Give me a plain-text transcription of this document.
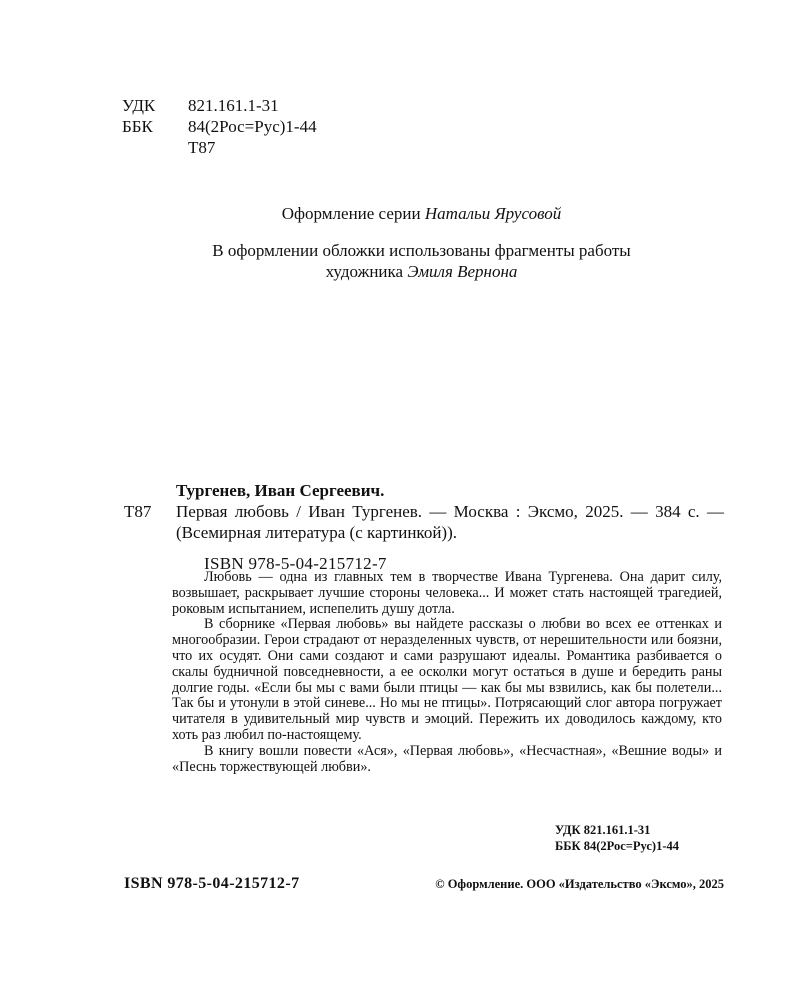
УДК	821.161.1-31
ББК	84(2Рос=Рус)1-44
Т87
Оформление серии Натальи Ярусовой
В оформлении обложки использованы фрагменты работы
художника Эмиля Вернона
Тургенев, Иван Сергеевич.
Т87	Первая любовь / Иван Тургенев. — Москва : Эксмо, 2025. — 384 с. — (Всемирная литература (с картинкой)).
ISBN 978-5-04-215712-7

Любовь — одна из главных тем в творчестве Ивана Тургенева. Она дарит силу, возвышает, раскрывает лучшие стороны человека... И может стать настоящей трагедией, роковым испытанием, испепелить душу дотла.

В сборнике «Первая любовь» вы найдете рассказы о любви во всех ее оттенках и многообразии. Герои страдают от неразделенных чувств, от нерешительности или боязни, что их осудят. Они сами создают и сами разрушают идеалы. Романтика разбивается о скалы будничной повседневности, а ее осколки могут остаться в душе и бередить раны долгие годы. «Если бы мы с вами были птицы — как бы мы взвились, как бы полетели... Так бы и утонули в этой синеве... Но мы не птицы». Потрясающий слог автора погружает читателя в удивительный мир чувств и эмоций. Пережить их доводилось каждому, кто хоть раз любил по-настоящему.

В книгу вошли повести «Ася», «Первая любовь», «Несчастная», «Вешние воды» и «Песнь торжествующей любви».

УДК 821.161.1-31
ББК 84(2Рос=Рус)1-44
ISBN 978-5-04-215712-7	© Оформление. ООО «Издательство «Эксмо», 2025
